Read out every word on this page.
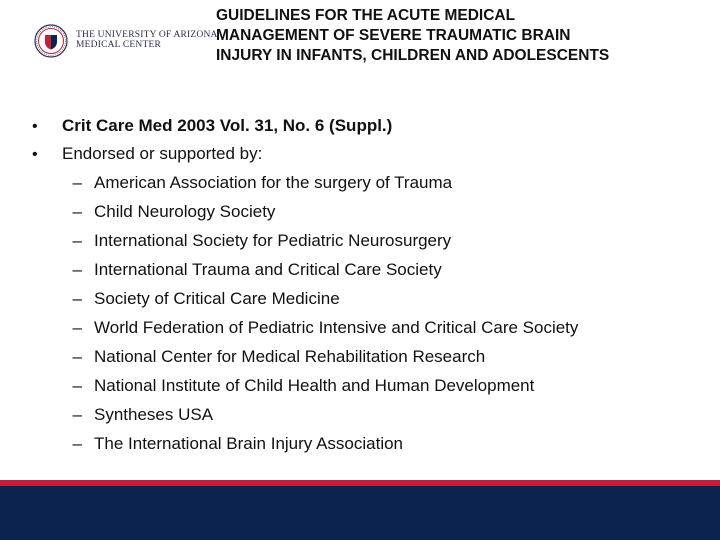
THE UNIVERSITY OF ARIZONA
MEDICAL CENTER
GUIDELINES FOR THE ACUTE MEDICAL
MANAGEMENT OF SEVERE TRAUMATIC BRAIN
INJURY IN INFANTS, CHILDREN AND ADOLESCENTS
•	Crit Care Med 2003 Vol. 31, No. 6 (Suppl.)
•	Endorsed or supported by:
– American Association for the surgery of Trauma
– Child Neurology Society
– International Society for Pediatric Neurosurgery
– International Trauma and Critical Care Society
– Society of Critical Care Medicine
– World Federation of Pediatric Intensive and Critical Care Society
– National Center for Medical Rehabilitation Research
– National Institute of Child Health and Human Development
– Syntheses USA
– The International Brain Injury Association
